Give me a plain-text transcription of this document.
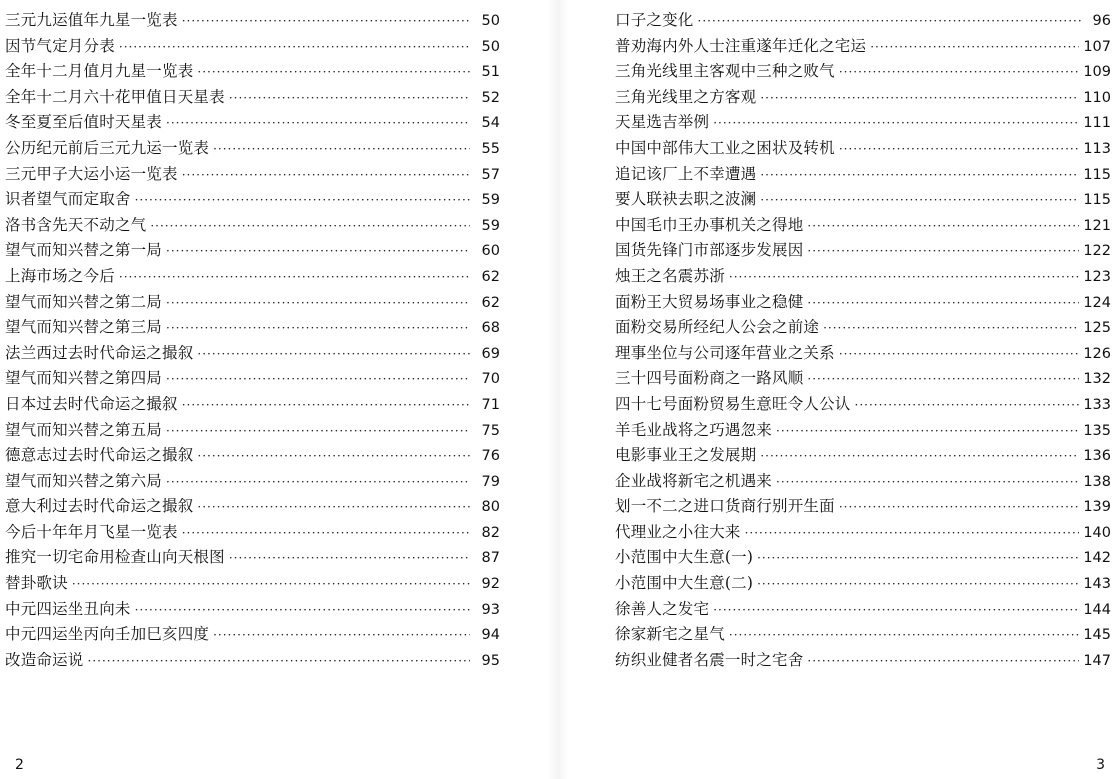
三元九运值年九星一览表 ·····	50
因节气定月分表 ·····	50
全年十二月值月九星一览表 ·····	51
全年十二月六十花甲值日天星表 ·····	52
冬至夏至后值时天星表 ·····	54
公历纪元前后三元九运一览表 ·····	55
三元甲子大运小运一览表 ·····	57
识者望气而定取舍 ·····	59
洛书含先天不动之气 ·····	59
望气而知兴替之第一局 ·····	60
上海市场之今后 ·····	62
望气而知兴替之第二局 ·····	62
望气而知兴替之第三局 ·····	68
法兰西过去时代命运之撮叙 ·····	69
望气而知兴替之第四局 ·····	70
日本过去时代命运之撮叙 ·····	71
望气而知兴替之第五局 ·····	75
德意志过去时代命运之撮叙 ·····	76
望气而知兴替之第六局 ·····	79
意大利过去时代命运之撮叙 ·····	80
今后十年年月飞星一览表 ·····	82
推究一切宅命用检查山向天根图 ·····	87
替卦歌诀 ·····	92
中元四运坐丑向未 ·····	93
中元四运坐丙向壬加巳亥四度 ·····	94
改造命运说 ·····	95
2
口子之变化 ·····	96
普劝海内外人士注重遂年迁化之宅运 ·····	107
三角光线里主客观中三种之败气 ·····	109
三角光线里之方客观 ·····	110
天星选吉举例 ·····	111
中国中部伟大工业之困状及转机 ·····	113
追记该厂上不幸遭遇 ·····	115
要人联袂去职之波澜 ·····	115
中国毛巾王办事机关之得地 ·····	121
国货先锋门市部逐步发展因 ·····	122
烛王之名震苏浙 ·····	123
面粉王大贸易场事业之稳健 ·····	124
面粉交易所经纪人公会之前途 ·····	125
理事坐位与公司逐年营业之关系 ·····	126
三十四号面粉商之一路风顺 ·····	132
四十七号面粉贸易生意旺令人公认 ·····	133
羊毛业战将之巧遇忽来 ·····	135
电影事业王之发展期 ·····	136
企业战将新宅之机遇来 ·····	138
划一不二之进口货商行别开生面 ·····	139
代理业之小往大来 ·····	140
小范围中大生意(一) ·····	142
小范围中大生意(二) ·····	143
徐善人之发宅 ·····	144
徐家新宅之星气 ·····	145
纺织业健者名震一时之宅舍 ·····	147
3
